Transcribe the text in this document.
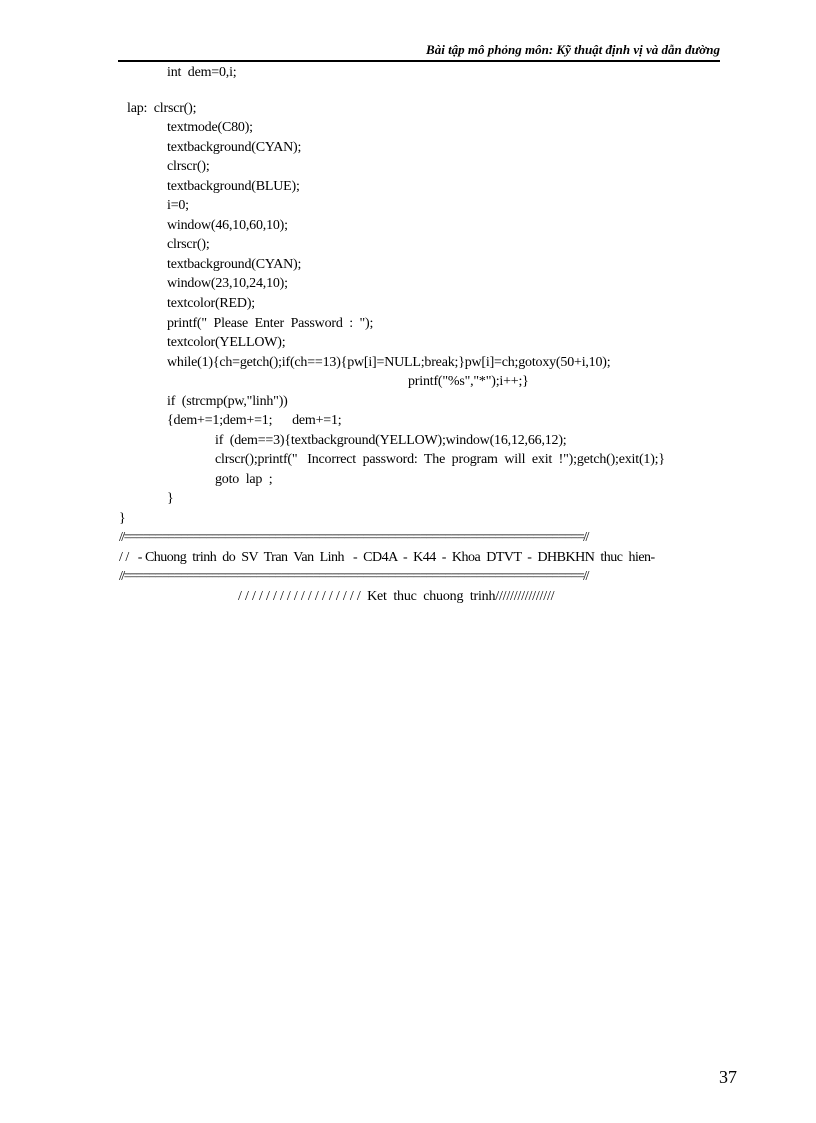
Bài tập mô phỏng môn: Kỹ thuật định vị và dẫn đường
int  dem=0,i;
lap:  clrscr();
textmode(C80);
textbackground(CYAN);
clrscr();
textbackground(BLUE);
i=0;
window(46,10,60,10);
clrscr();
textbackground(CYAN);
window(23,10,24,10);
textcolor(RED);
printf("  Please  Enter  Password  :  ");
textcolor(YELLOW);
while(1){ch=getch();if(ch==13){pw[i]=NULL;break;}pw[i]=ch;gotoxy(50+i,10);
printf("%s","*");i++;}
if  (strcmp(pw,"linh"))
{dem+=1;dem+=1;      dem+=1;
if  (dem==3){textbackground(YELLOW);window(16,12,66,12);
clrscr();printf("   Incorrect  password:  The  program  will  exit  !");getch();exit(1);}
goto  lap  ;
}
}
//=========================================================================//
/ /   - Chuong  trinh  do  SV  Tran  Van  Linh   -  CD4A  -  K44  -  Khoa  DTVT  -  DHBKHN  thuc  hien-
//=========================================================================//
/ / / / / / / / / / / / / / / / / /  Ket  thuc  chuong  trinh////////////////
37
